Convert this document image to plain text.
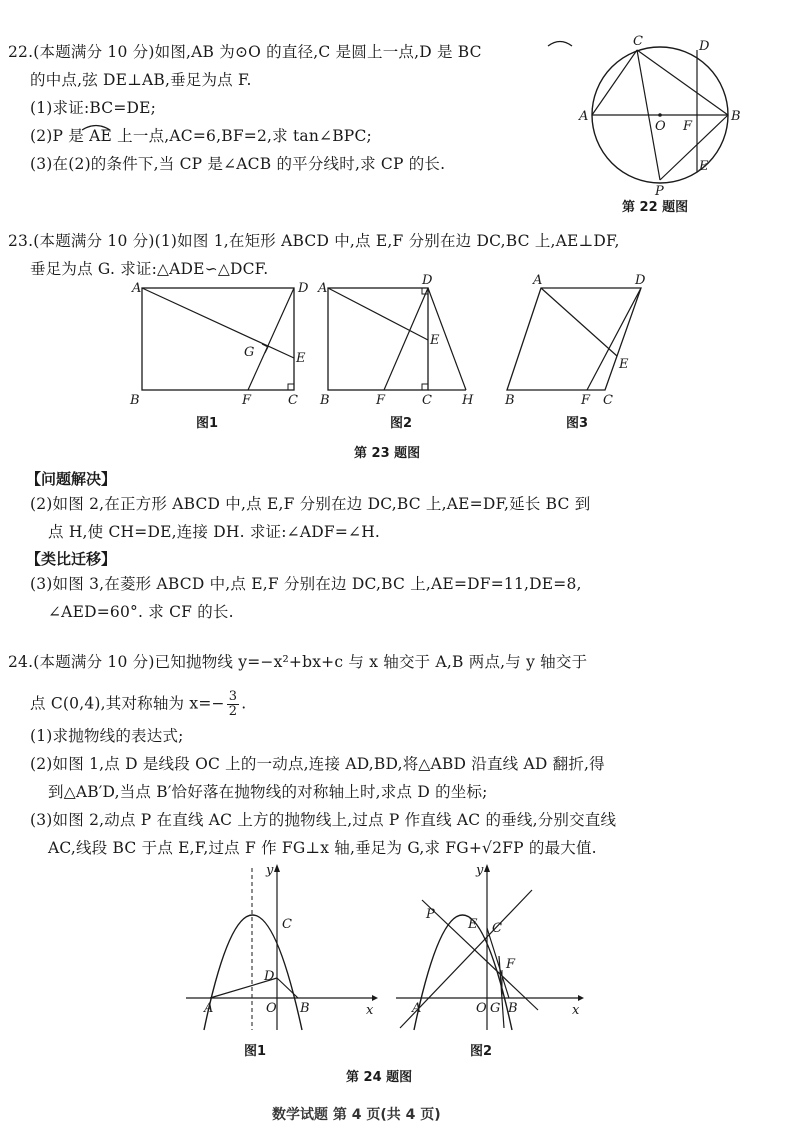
22.(本题满分 10 分)如图,AB 为⊙O 的直径,C 是圆上一点,D 是 BC
的中点,弦 DE⊥AB,垂足为点 F.
(1)求证:BC=DE;
(2)P 是 AE 上一点,AC=6,BF=2,求 tan∠BPC;
(3)在(2)的条件下,当 CP 是∠ACB 的平分线时,求 CP 的长.
C	D
A
O F
B
E
P
第 22 题图
23.(本题满分 10 分)(1)如图 1,在矩形 ABCD 中,点 E,F 分别在边 DC,BC 上,AE⊥DF,
垂足为点 G. 求证:△ADE∽△DCF.
A	D
G	E
B	F	C
图1
A
D
E
B	F	C H
图2
A	D
E
B	F C
图3
第 23 题图
【问题解决】
(2)如图 2,在正方形 ABCD 中,点 E,F 分别在边 DC,BC 上,AE=DF,延长 BC 到
点 H,使 CH=DE,连接 DH. 求证:∠ADF=∠H.
【类比迁移】
(3)如图 3,在菱形 ABCD 中,点 E,F 分别在边 DC,BC 上,AE=DF=11,DE=8,
∠AED=60°. 求 CF 的长.
24.(本题满分 10 分)已知抛物线 y=−x²+bx+c 与 x 轴交于 A,B 两点,与 y 轴交于
点 C(0,4),其对称轴为 $x=- \frac{3}{2}$ .
(1)求抛物线的表达式;
(2)如图 1,点 D 是线段 OC 上的一动点,连接 AD,BD,将△ABD 沿直线 AD 翻折,得
到△AB′D,当点 B′恰好落在抛物线的对称轴上时,求点 D 的坐标;
(3)如图 2,动点 P 在直线 AC 上方的抛物线上,过点 P 作直线 AC 的垂线,分别交直线
AC,线段 BC 于点 E,F,过点 F 作 FG⊥x 轴,垂足为 G,求 FG+√2FP 的最大值.
y
C
D
A	O B	x
图1
y
P
E C
F
A	O G B	x
图2
第 24 题图
数学试题 第 4 页(共 4 页)
